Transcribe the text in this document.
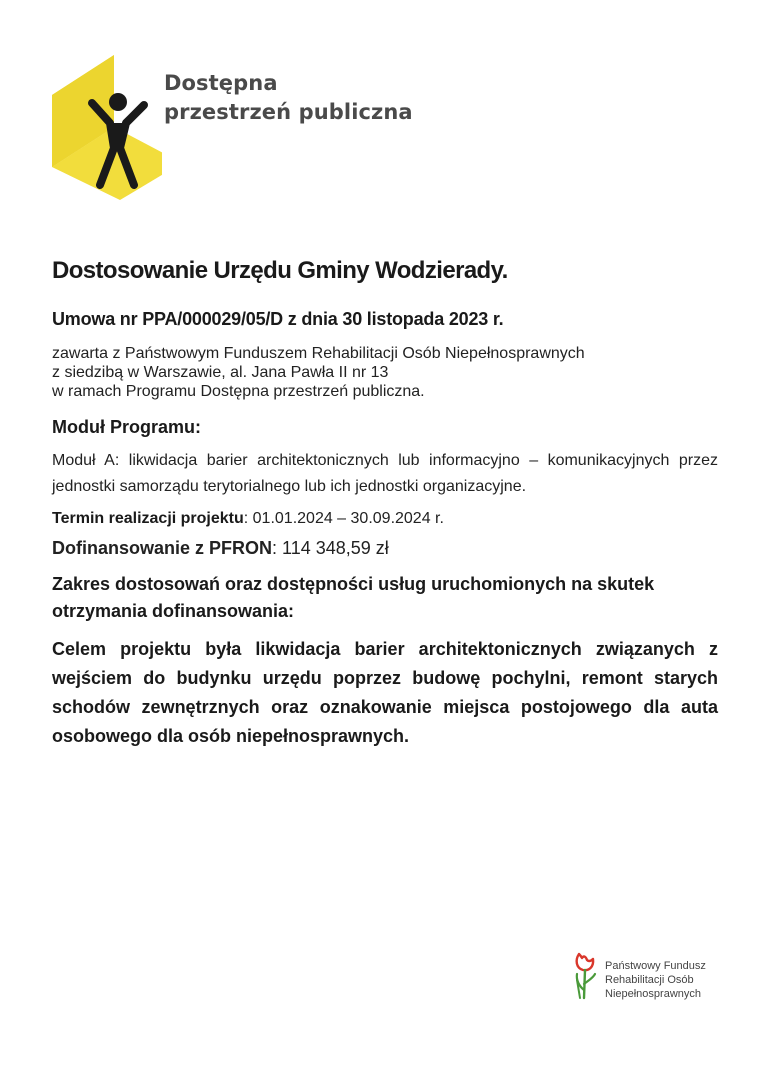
Dostępna
przestrzeń publiczna
Dostosowanie Urzędu Gminy Wodzierady.
Umowa nr PPA/000029/05/D z dnia 30 listopada 2023 r.
zawarta z Państwowym Funduszem Rehabilitacji Osób Niepełnosprawnych
z siedzibą w Warszawie, al. Jana Pawła II nr 13
w ramach Programu Dostępna przestrzeń publiczna.
Moduł Programu:
Moduł A: likwidacja barier architektonicznych lub informacyjno – komunikacyjnych przez jednostki samorządu terytorialnego lub ich jednostki organizacyjne.
Termin realizacji projektu: 01.01.2024 – 30.09.2024 r.
Dofinansowanie z PFRON: 114 348,59 zł
Zakres dostosowań oraz dostępności usług uruchomionych na skutek otrzymania dofinansowania:
Celem projektu była likwidacja barier architektonicznych związanych z wejściem do budynku urzędu poprzez budowę pochylni, remont starych schodów zewnętrznych oraz oznakowanie miejsca postojowego dla auta osobowego dla osób niepełnosprawnych.
Państwowy Fundusz
Rehabilitacji Osób
Niepełnosprawnych
